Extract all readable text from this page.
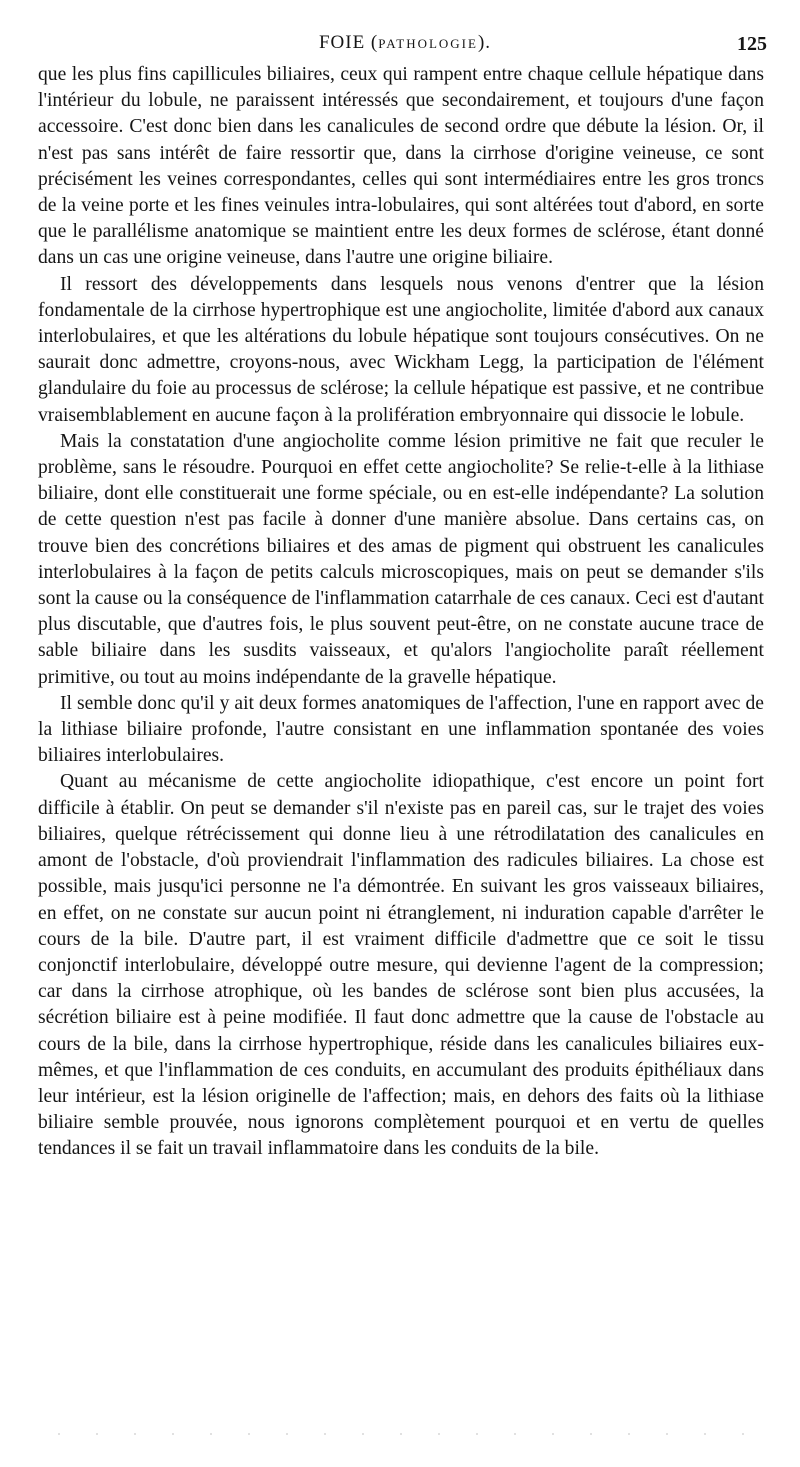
FOIE (PATHOLOGIE).	125

que les plus fins capillicules biliaires, ceux qui rampent entre chaque cellule hépatique dans l'intérieur du lobule, ne paraissent intéressés que secondairement, et toujours d'une façon accessoire. C'est donc bien dans les canalicules de second ordre que débute la lésion. Or, il n'est pas sans intérêt de faire ressortir que, dans la cirrhose d'origine veineuse, ce sont précisément les veines correspondantes, celles qui sont intermédiaires entre les gros troncs de la veine porte et les fines veinules intra-lobulaires, qui sont altérées tout d'abord, en sorte que le parallélisme anatomique se maintient entre les deux formes de sclérose, étant donné dans un cas une origine veineuse, dans l'autre une origine biliaire.

Il ressort des développements dans lesquels nous venons d'entrer que la lésion fondamentale de la cirrhose hypertrophique est une angiocholite, limitée d'abord aux canaux interlobulaires, et que les altérations du lobule hépatique sont toujours consécutives. On ne saurait donc admettre, croyons-nous, avec Wickham Legg, la participation de l'élément glandulaire du foie au processus de sclérose; la cellule hépatique est passive, et ne contribue vraisemblablement en aucune façon à la prolifération embryonnaire qui dissocie le lobule.

Mais la constatation d'une angiocholite comme lésion primitive ne fait que reculer le problème, sans le résoudre. Pourquoi en effet cette angiocholite? Se relie-t-elle à la lithiase biliaire, dont elle constituerait une forme spéciale, ou en est-elle indépendante? La solution de cette question n'est pas facile à donner d'une manière absolue. Dans certains cas, on trouve bien des concrétions biliaires et des amas de pigment qui obstruent les canalicules interlobulaires à la façon de petits calculs microscopiques, mais on peut se demander s'ils sont la cause ou la conséquence de l'inflammation catarrhale de ces canaux. Ceci est d'autant plus discutable, que d'autres fois, le plus souvent peut-être, on ne constate aucune trace de sable biliaire dans les susdits vaisseaux, et qu'alors l'angiocholite paraît réellement primitive, ou tout au moins indépendante de la gravelle hépatique.

Il semble donc qu'il y ait deux formes anatomiques de l'affection, l'une en rapport avec de la lithiase biliaire profonde, l'autre consistant en une inflammation spontanée des voies biliaires interlobulaires.

Quant au mécanisme de cette angiocholite idiopathique, c'est encore un point fort difficile à établir. On peut se demander s'il n'existe pas en pareil cas, sur le trajet des voies biliaires, quelque rétrécissement qui donne lieu à une rétrodilatation des canalicules en amont de l'obstacle, d'où proviendrait l'inflammation des radicules biliaires. La chose est possible, mais jusqu'ici personne ne l'a démontrée. En suivant les gros vaisseaux biliaires, en effet, on ne constate sur aucun point ni étranglement, ni induration capable d'arrêter le cours de la bile. D'autre part, il est vraiment difficile d'admettre que ce soit le tissu conjonctif interlobulaire, développé outre mesure, qui devienne l'agent de la compression; car dans la cirrhose atrophique, où les bandes de sclérose sont bien plus accusées, la sécrétion biliaire est à peine modifiée. Il faut donc admettre que la cause de l'obstacle au cours de la bile, dans la cirrhose hypertrophique, réside dans les canalicules biliaires eux-mêmes, et que l'inflammation de ces conduits, en accumulant des produits épithéliaux dans leur intérieur, est la lésion originelle de l'affection; mais, en dehors des faits où la lithiase biliaire semble prouvée, nous ignorons complètement pourquoi et en vertu de quelles tendances il se fait un travail inflammatoire dans les conduits de la bile.
